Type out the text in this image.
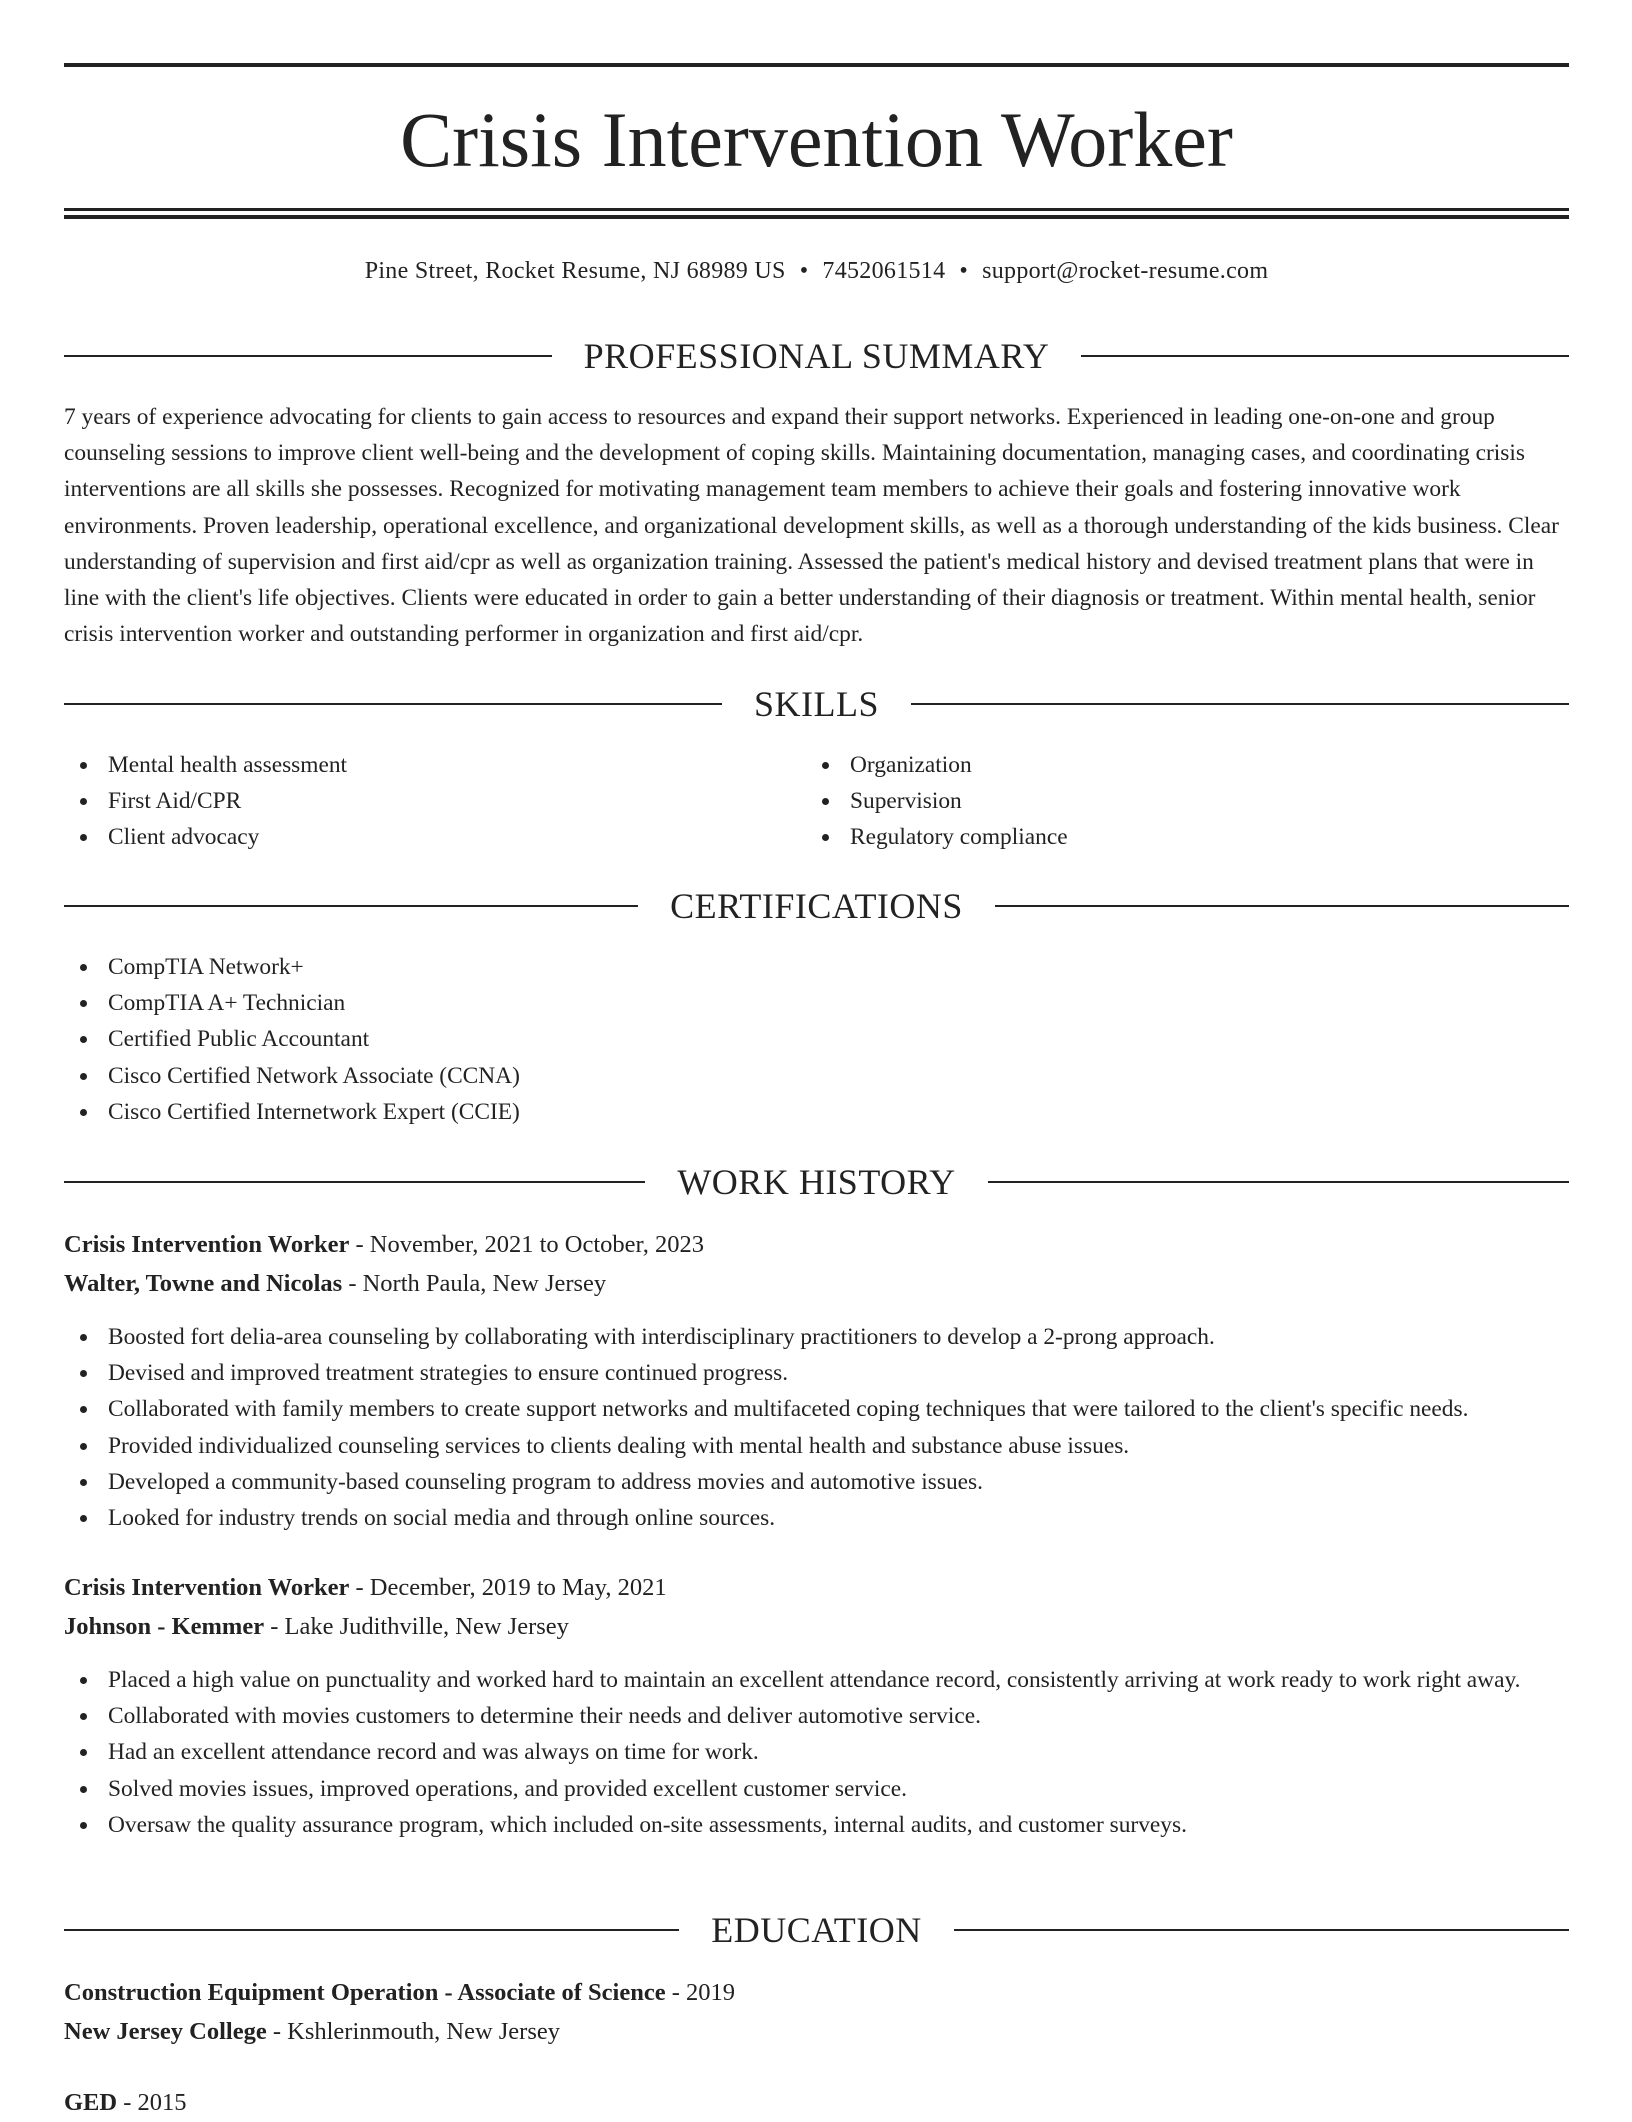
Crisis Intervention Worker
Pine Street, Rocket Resume, NJ 68989 US • 7452061514 • support@rocket-resume.com
PROFESSIONAL SUMMARY

7 years of experience advocating for clients to gain access to resources and expand their support networks. Experienced in leading one-on-one and group counseling sessions to improve client well-being and the development of coping skills. Maintaining documentation, managing cases, and coordinating crisis interventions are all skills she possesses. Recognized for motivating management team members to achieve their goals and fostering innovative work environments. Proven leadership, operational excellence, and organizational development skills, as well as a thorough understanding of the kids business. Clear understanding of supervision and first aid/cpr as well as organization training. Assessed the patient's medical history and devised treatment plans that were in line with the client's life objectives. Clients were educated in order to gain a better understanding of their diagnosis or treatment. Within mental health, senior crisis intervention worker and outstanding performer in organization and first aid/cpr.

SKILLS
Mental health assessment
First Aid/CPR
Client advocacy
Organization
Supervision
Regulatory compliance
CERTIFICATIONS
CompTIA Network+
CompTIA A+ Technician
Certified Public Accountant
Cisco Certified Network Associate (CCNA)
Cisco Certified Internetwork Expert (CCIE)
WORK HISTORY
Crisis Intervention Worker - November, 2021 to October, 2023
Walter, Towne and Nicolas - North Paula, New Jersey
Boosted fort delia-area counseling by collaborating with interdisciplinary practitioners to develop a 2-prong approach.
Devised and improved treatment strategies to ensure continued progress.
Collaborated with family members to create support networks and multifaceted coping techniques that were tailored to the client's specific needs.
Provided individualized counseling services to clients dealing with mental health and substance abuse issues.
Developed a community-based counseling program to address movies and automotive issues.
Looked for industry trends on social media and through online sources.
Crisis Intervention Worker - December, 2019 to May, 2021
Johnson - Kemmer - Lake Judithville, New Jersey
Placed a high value on punctuality and worked hard to maintain an excellent attendance record, consistently arriving at work ready to work right away.
Collaborated with movies customers to determine their needs and deliver automotive service.
Had an excellent attendance record and was always on time for work.
Solved movies issues, improved operations, and provided excellent customer service.
Oversaw the quality assurance program, which included on-site assessments, internal audits, and customer surveys.
EDUCATION
Construction Equipment Operation - Associate of Science - 2019
New Jersey College - Kshlerinmouth, New Jersey
GED - 2015
